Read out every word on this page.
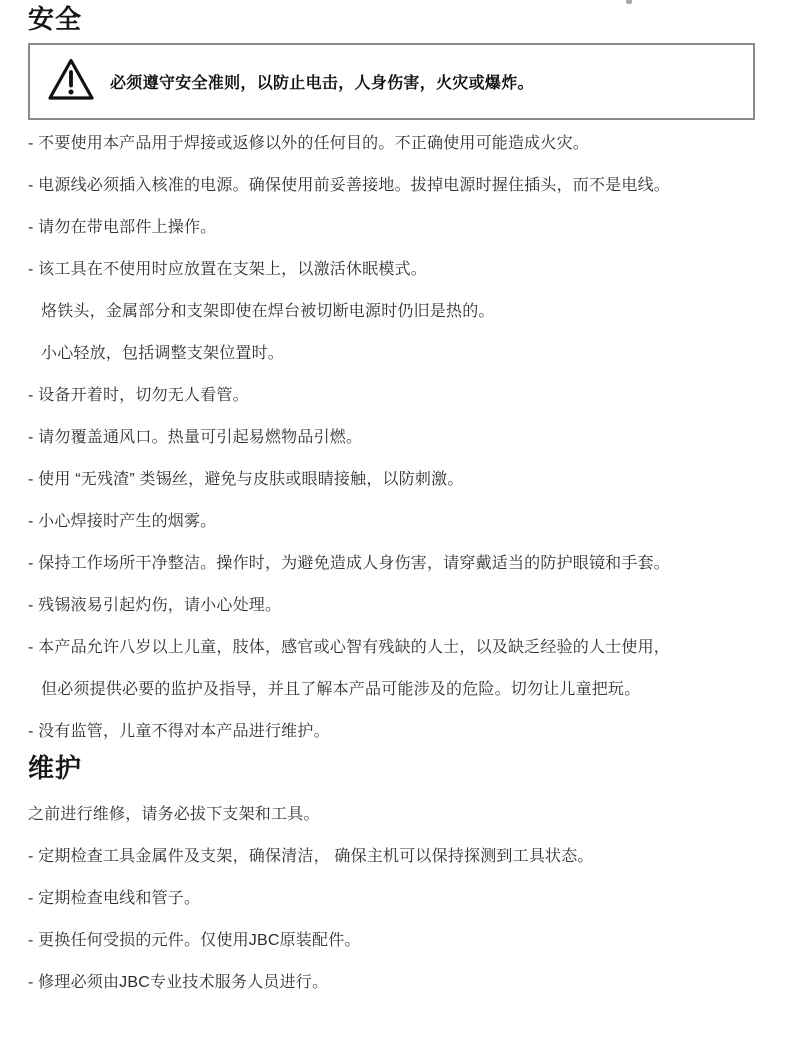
安全
必须遵守安全准则，以防止电击，人身伤害，火灾或爆炸。

- 不要使用本产品用于焊接或返修以外的任何目的。不正确使用可能造成火灾。

- 电源线必须插入核准的电源。确保使用前妥善接地。拔掉电源时握住插头，而不是电线。

- 请勿在带电部件上操作。

- 该工具在不使用时应放置在支架上，以激活休眠模式。

烙铁头，金属部分和支架即使在焊台被切断电源时仍旧是热的。

小心轻放，包括调整支架位置时。

- 设备开着时，切勿无人看管。

- 请勿覆盖通风口。热量可引起易燃物品引燃。

- 使用 “无残渣” 类锡丝，避免与皮肤或眼睛接触，以防刺激。

- 小心焊接时产生的烟雾。

- 保持工作场所干净整洁。操作时，为避免造成人身伤害，请穿戴适当的防护眼镜和手套。

- 残锡液易引起灼伤，请小心处理。

- 本产品允许八岁以上儿童，肢体，感官或心智有残缺的人士，以及缺乏经验的人士使用，

但必须提供必要的监护及指导，并且了解本产品可能涉及的危险。切勿让儿童把玩。

- 没有监管，儿童不得对本产品进行维护。

维护

之前进行维修，请务必拔下支架和工具。

- 定期检查工具金属件及支架，确保清洁， 确保主机可以保持探测到工具状态。

- 定期检查电线和管子。

- 更换任何受损的元件。仅使用JBC原装配件。

- 修理必须由JBC专业技术服务人员进行。
